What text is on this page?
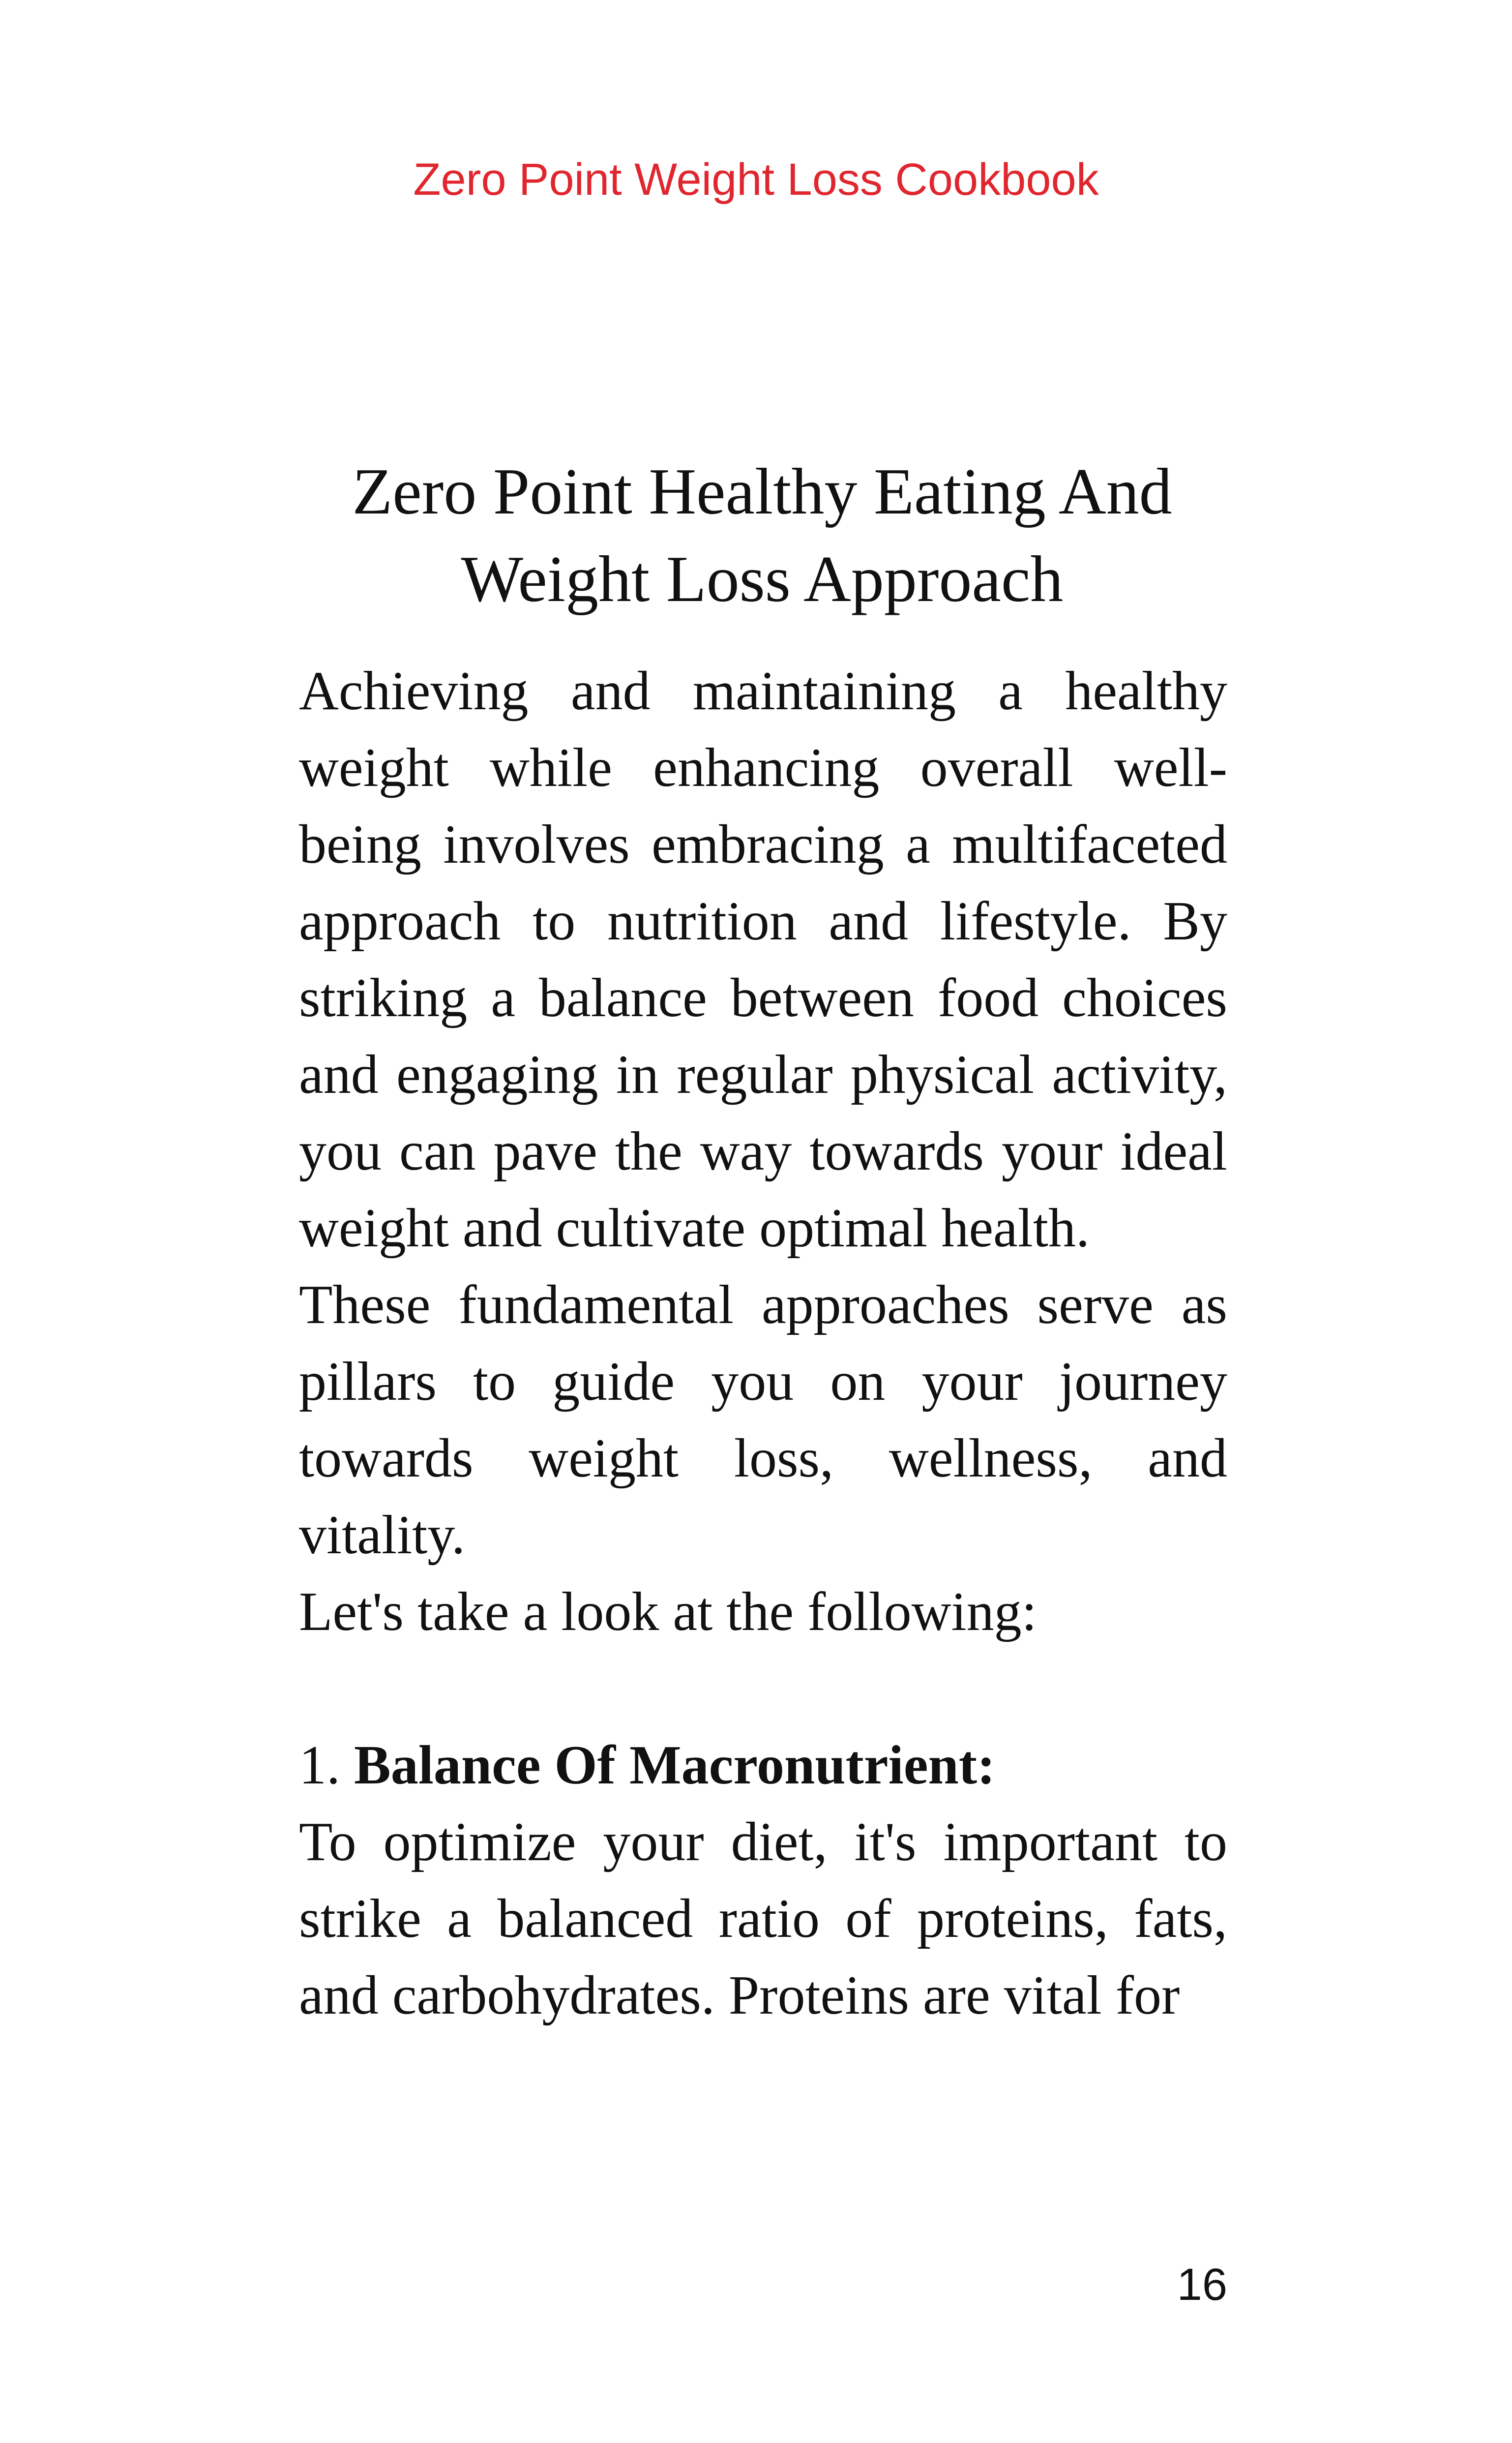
Zero Point Weight Loss Cookbook
Zero Point Healthy Eating And Weight Loss Approach

Achieving and maintaining a healthy weight while enhancing overall well-being involves embracing a multifaceted approach to nutrition and lifestyle. By striking a balance between food choices and engaging in regular physical activity, you can pave the way towards your ideal weight and cultivate optimal health.

These fundamental approaches serve as pillars to guide you on your journey towards weight loss, wellness, and vitality.

Let's take a look at the following:

1. Balance Of Macronutrient:

To optimize your diet, it's important to strike a balanced ratio of proteins, fats, and carbohydrates. Proteins are vital for

16
